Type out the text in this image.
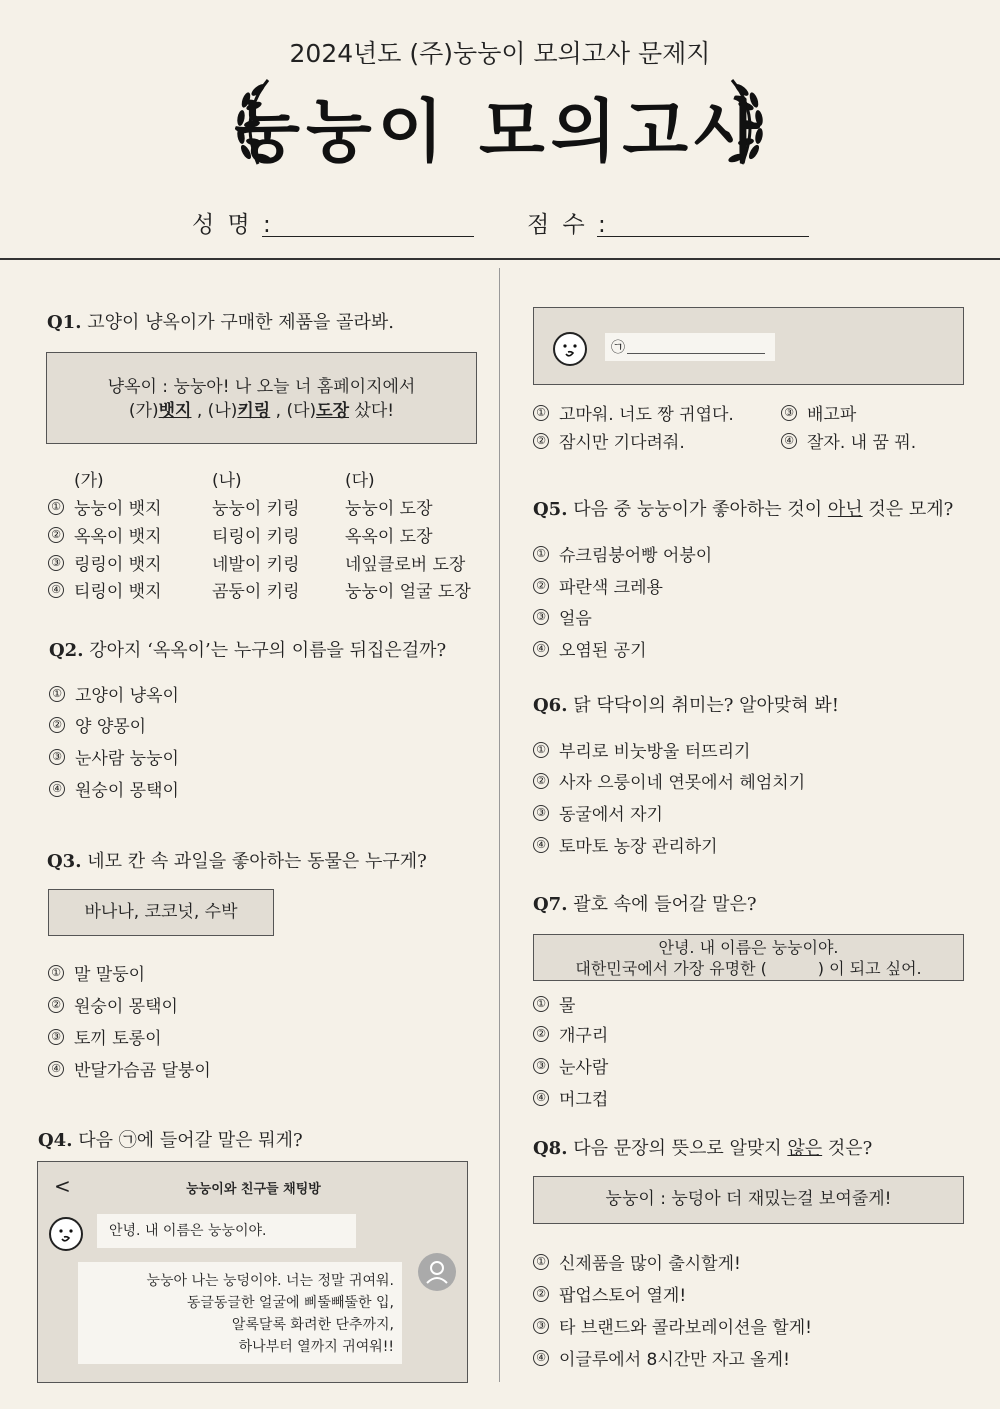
2024년도 (주)눙눙이 모의고사 문제지
눙눙이 모의고사
성 명 :	점 수 :
Q1. 고양이 냥옥이가 구매한 제품을 골라봐.
냥옥이 : 눙눙아! 나 오늘 너 홈페이지에서
(가)뱃지 , (나)키링 , (다)도장 샀다!
(가)	(나)	(다)
① 눙눙이 뱃지	눙눙이 키링	눙눙이 도장
② 옥옥이 뱃지	티링이 키링	옥옥이 도장
③ 링링이 뱃지	네발이 키링	네잎클로버 도장
④ 티링이 뱃지	곰둥이 키링	눙눙이 얼굴 도장
Q2. 강아지 ‘옥옥이’는 누구의 이름을 뒤집은걸까?
① 고양이 냥옥이
② 양 양몽이
③ 눈사람 눙눙이
④ 원숭이 몽택이
Q3. 네모 칸 속 과일을 좋아하는 동물은 누구게?
바나나, 코코넛, 수박
① 말 말둥이
② 원숭이 몽택이
③ 토끼 토롱이
④ 반달가슴곰 달붕이
Q4. 다음 ㉠에 들어갈 말은 뭐게?
<	눙눙이와 친구들 채팅방
안녕. 내 이름은 눙눙이야.
눙눙아 나는 눙덩이야. 너는 정말 귀여워.
동글동글한 얼굴에 삐뚤빼뚤한 입,
알록달록 화려한 단추까지,
하나부터 열까지 귀여워!!
㉠
① 고마워. 너도 짱 귀엽다.
② 잠시만 기다려줘.
③ 배고파
④ 잘자. 내 꿈 꿔.
Q5. 다음 중 눙눙이가 좋아하는 것이 아닌 것은 모게?
① 슈크림붕어빵 어붕이
② 파란색 크레용
③ 얼음
④ 오염된 공기
Q6. 닭 닥닥이의 취미는? 알아맞혀 봐!
① 부리로 비눗방울 터뜨리기
② 사자 으룽이네 연못에서 헤엄치기
③ 동굴에서 자기
④ 토마토 농장 관리하기
Q7. 괄호 속에 들어갈 말은?
안녕. 내 이름은 눙눙이야.
대한민국에서 가장 유명한 (          ) 이 되고 싶어.
① 물
② 개구리
③ 눈사람
④ 머그컵
Q8. 다음 문장의 뜻으로 알맞지 않은 것은?
눙눙이 : 눙덩아 더 재밌는걸 보여줄게!
① 신제품을 많이 출시할게!
② 팝업스토어 열게!
③ 타 브랜드와 콜라보레이션을 할게!
④ 이글루에서 8시간만 자고 올게!
